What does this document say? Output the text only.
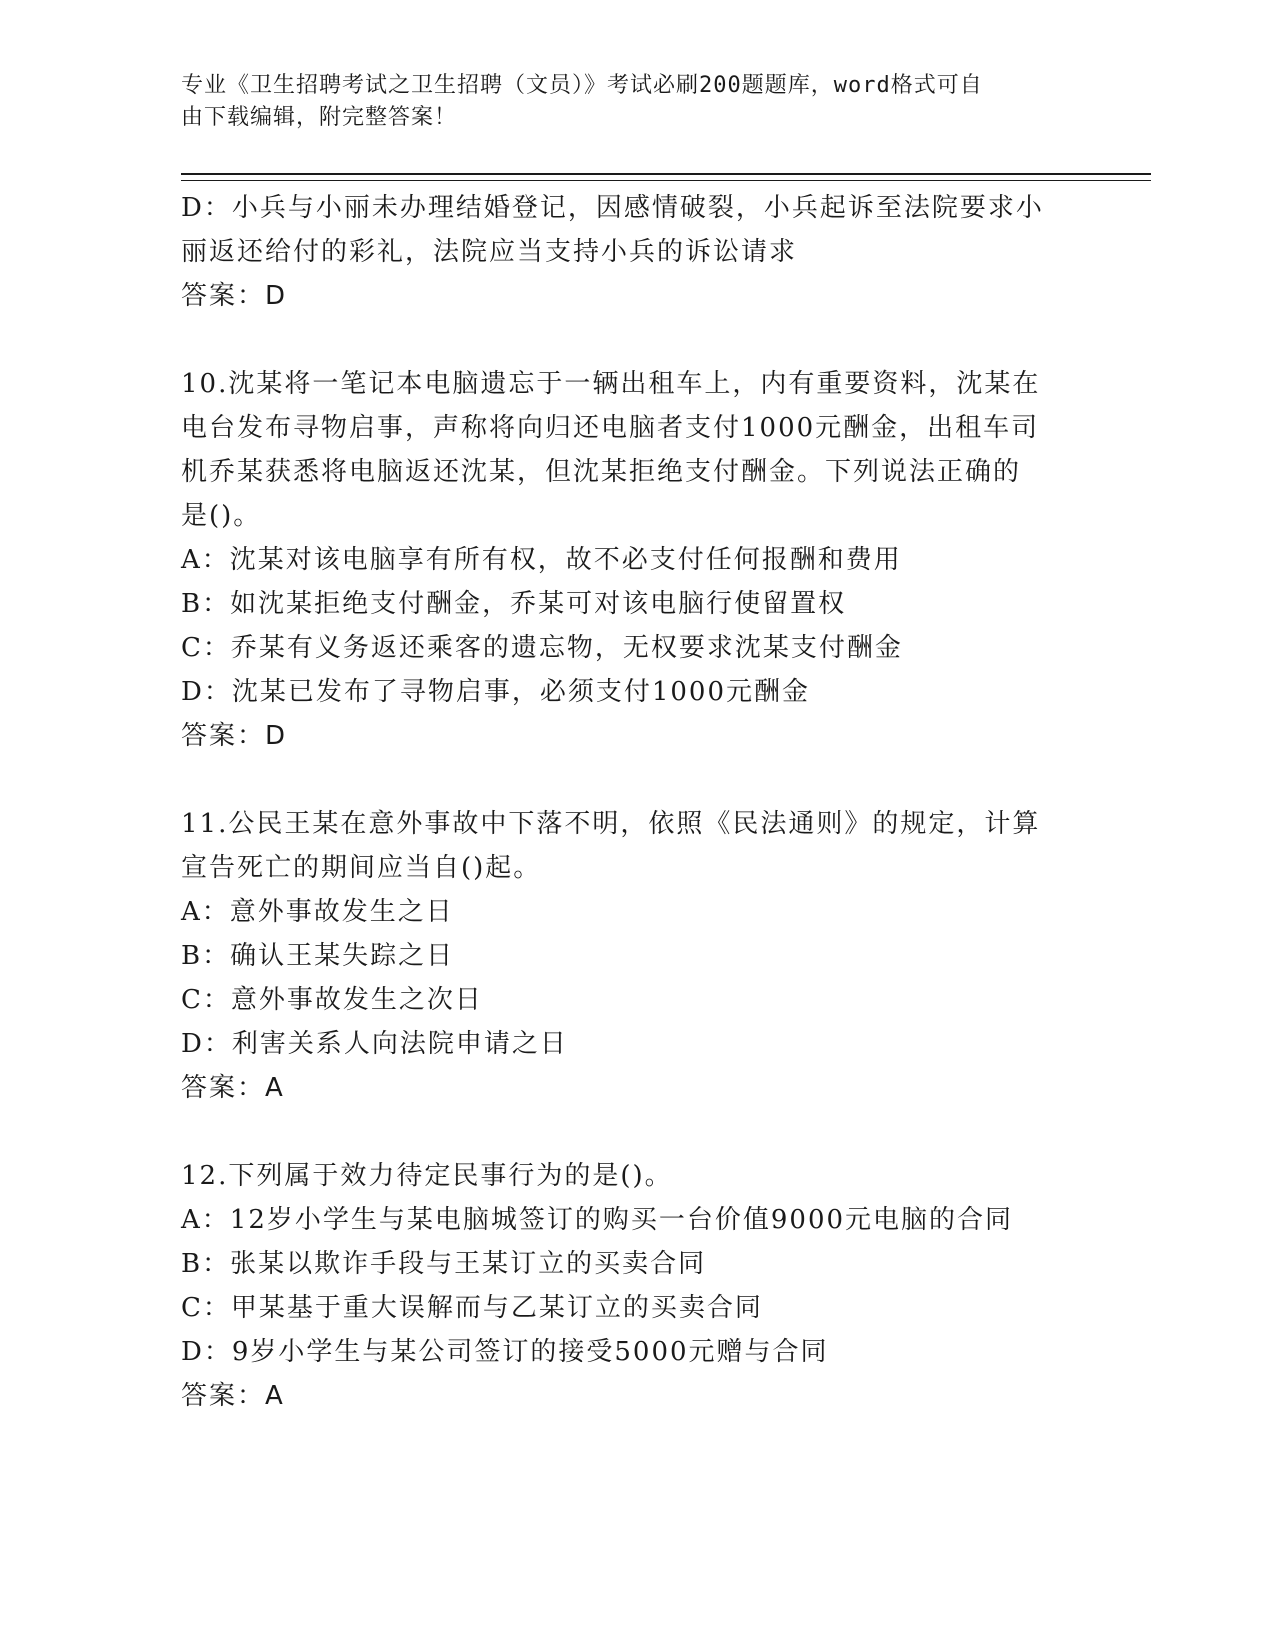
专业《卫生招聘考试之卫生招聘（文员）》考试必刷200题题库，word格式可自
由下载编辑，附完整答案！
D：小兵与小丽未办理结婚登记，因感情破裂，小兵起诉至法院要求小
丽返还给付的彩礼，法院应当支持小兵的诉讼请求
答案：D
10.沈某将一笔记本电脑遗忘于一辆出租车上，内有重要资料，沈某在
电台发布寻物启事，声称将向归还电脑者支付1000元酬金，出租车司
机乔某获悉将电脑返还沈某，但沈某拒绝支付酬金。下列说法正确的
是()。
A：沈某对该电脑享有所有权，故不必支付任何报酬和费用
B：如沈某拒绝支付酬金，乔某可对该电脑行使留置权
C：乔某有义务返还乘客的遗忘物，无权要求沈某支付酬金
D：沈某已发布了寻物启事，必须支付1000元酬金
答案：D
11.公民王某在意外事故中下落不明，依照《民法通则》的规定，计算
宣告死亡的期间应当自()起。
A：意外事故发生之日
B：确认王某失踪之日
C：意外事故发生之次日
D：利害关系人向法院申请之日
答案：A
12.下列属于效力待定民事行为的是()。
A：12岁小学生与某电脑城签订的购买一台价值9000元电脑的合同
B：张某以欺诈手段与王某订立的买卖合同
C：甲某基于重大误解而与乙某订立的买卖合同
D：9岁小学生与某公司签订的接受5000元赠与合同
答案：A
